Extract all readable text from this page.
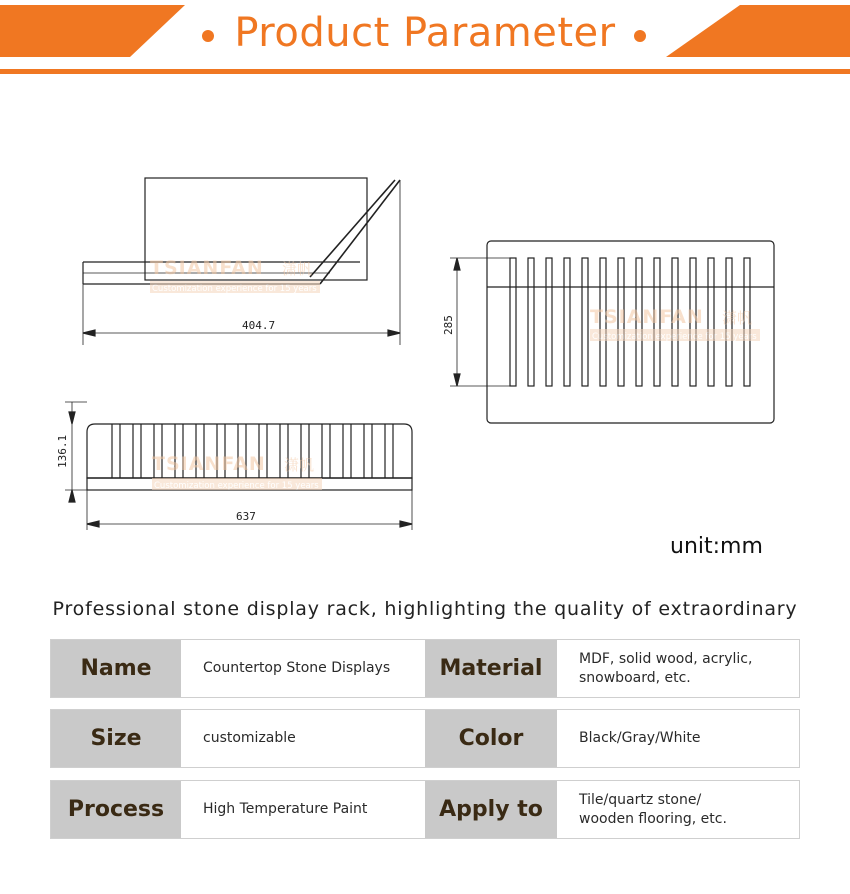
Product Parameter
404.7	285
136.1
637
TSIANFAN 潇帆
Customization experience for 15 years
TSIANFAN 潇帆
Customization experience for 15 years
TSIANFAN 潇帆
Customization experience for 15 years
unit:mm
Professional stone display rack, highlighting the quality of extraordinary
Name	Countertop Stone Displays	Material	MDF, solid wood, acrylic,
snowboard, etc.
Size	customizable	Color	Black/Gray/White
Process	High Temperature Paint	Apply to	Tile/quartz stone/
wooden flooring, etc.
